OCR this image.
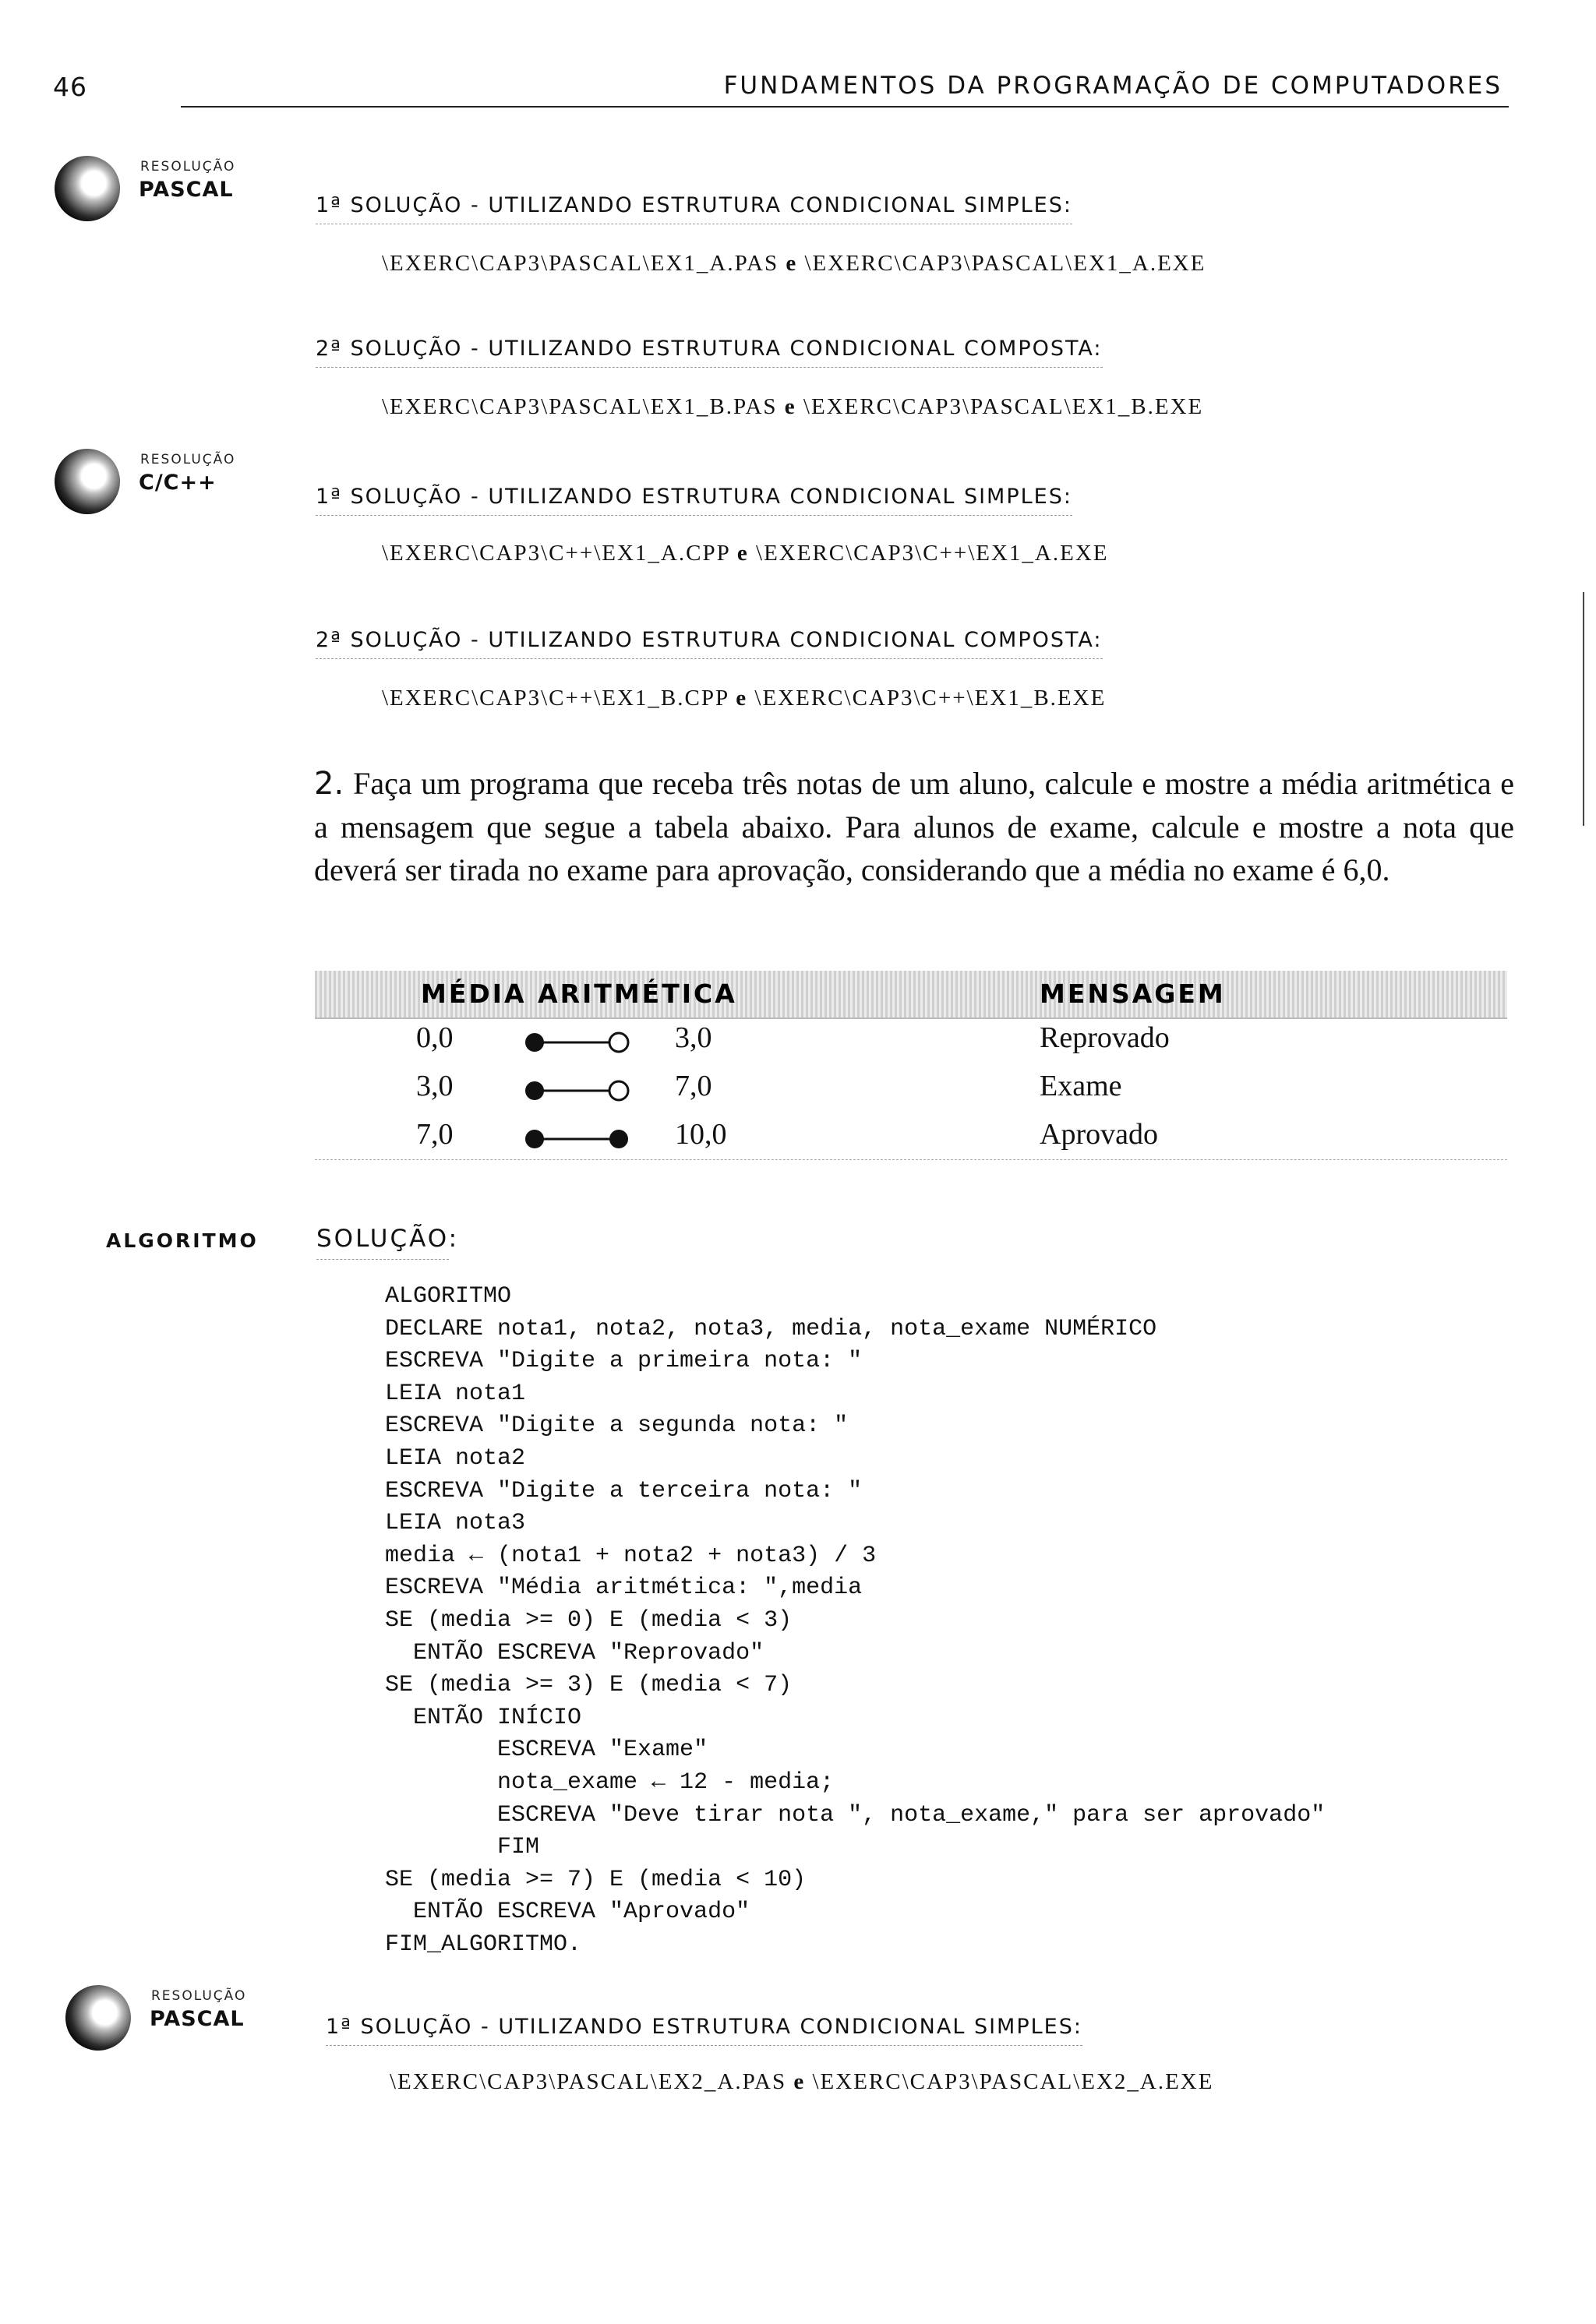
46	FUNDAMENTOS DA PROGRAMAÇÃO DE COMPUTADORES
RESOLUÇÃO
PASCAL
1ª SOLUÇÃO - UTILIZANDO ESTRUTURA CONDICIONAL SIMPLES:
\EXERC\CAP3\PASCAL\EX1_A.PAS e \EXERC\CAP3\PASCAL\EX1_A.EXE
2ª SOLUÇÃO - UTILIZANDO ESTRUTURA CONDICIONAL COMPOSTA:
\EXERC\CAP3\PASCAL\EX1_B.PAS e \EXERC\CAP3\PASCAL\EX1_B.EXE
RESOLUÇÃO
C/C++
1ª SOLUÇÃO - UTILIZANDO ESTRUTURA CONDICIONAL SIMPLES:
\EXERC\CAP3\C++\EX1_A.CPP e \EXERC\CAP3\C++\EX1_A.EXE
2ª SOLUÇÃO - UTILIZANDO ESTRUTURA CONDICIONAL COMPOSTA:
\EXERC\CAP3\C++\EX1_B.CPP e \EXERC\CAP3\C++\EX1_B.EXE
2. Faça um programa que receba três notas de um aluno, calcule e mostre a média aritmética e a mensagem que segue a tabela abaixo. Para alunos de exame, calcule e mostre a nota que deverá ser tirada no exame para aprovação, considerando que a média no exame é 6,0.
MÉDIA ARITMÉTICA	MENSAGEM
0,0	3,0	Reprovado
3,0	7,0	Exame
7,0	10,0	Aprovado
ALGORITMO SOLUÇÃO:
ALGORITMO
DECLARE nota1, nota2, nota3, media, nota_exame NUMÉRICO
ESCREVA "Digite a primeira nota: "
LEIA nota1
ESCREVA "Digite a segunda nota: "
LEIA nota2
ESCREVA "Digite a terceira nota: "
LEIA nota3
media ← (nota1 + nota2 + nota3) / 3
ESCREVA "Média aritmética: ",media
SE (media >= 0) E (media < 3)
ENTÃO ESCREVA "Reprovado"
SE (media >= 3) E (media < 7)
ENTÃO INÍCIO
ESCREVA "Exame"
nota_exame ← 12 - media;
ESCREVA "Deve tirar nota ", nota_exame," para ser aprovado"
FIM
SE (media >= 7) E (media < 10)
ENTÃO ESCREVA "Aprovado"
FIM_ALGORITMO.
RESOLUÇÃO
PASCAL	1ª SOLUÇÃO - UTILIZANDO ESTRUTURA CONDICIONAL SIMPLES:
\EXERC\CAP3\PASCAL\EX2_A.PAS e \EXERC\CAP3\PASCAL\EX2_A.EXE
